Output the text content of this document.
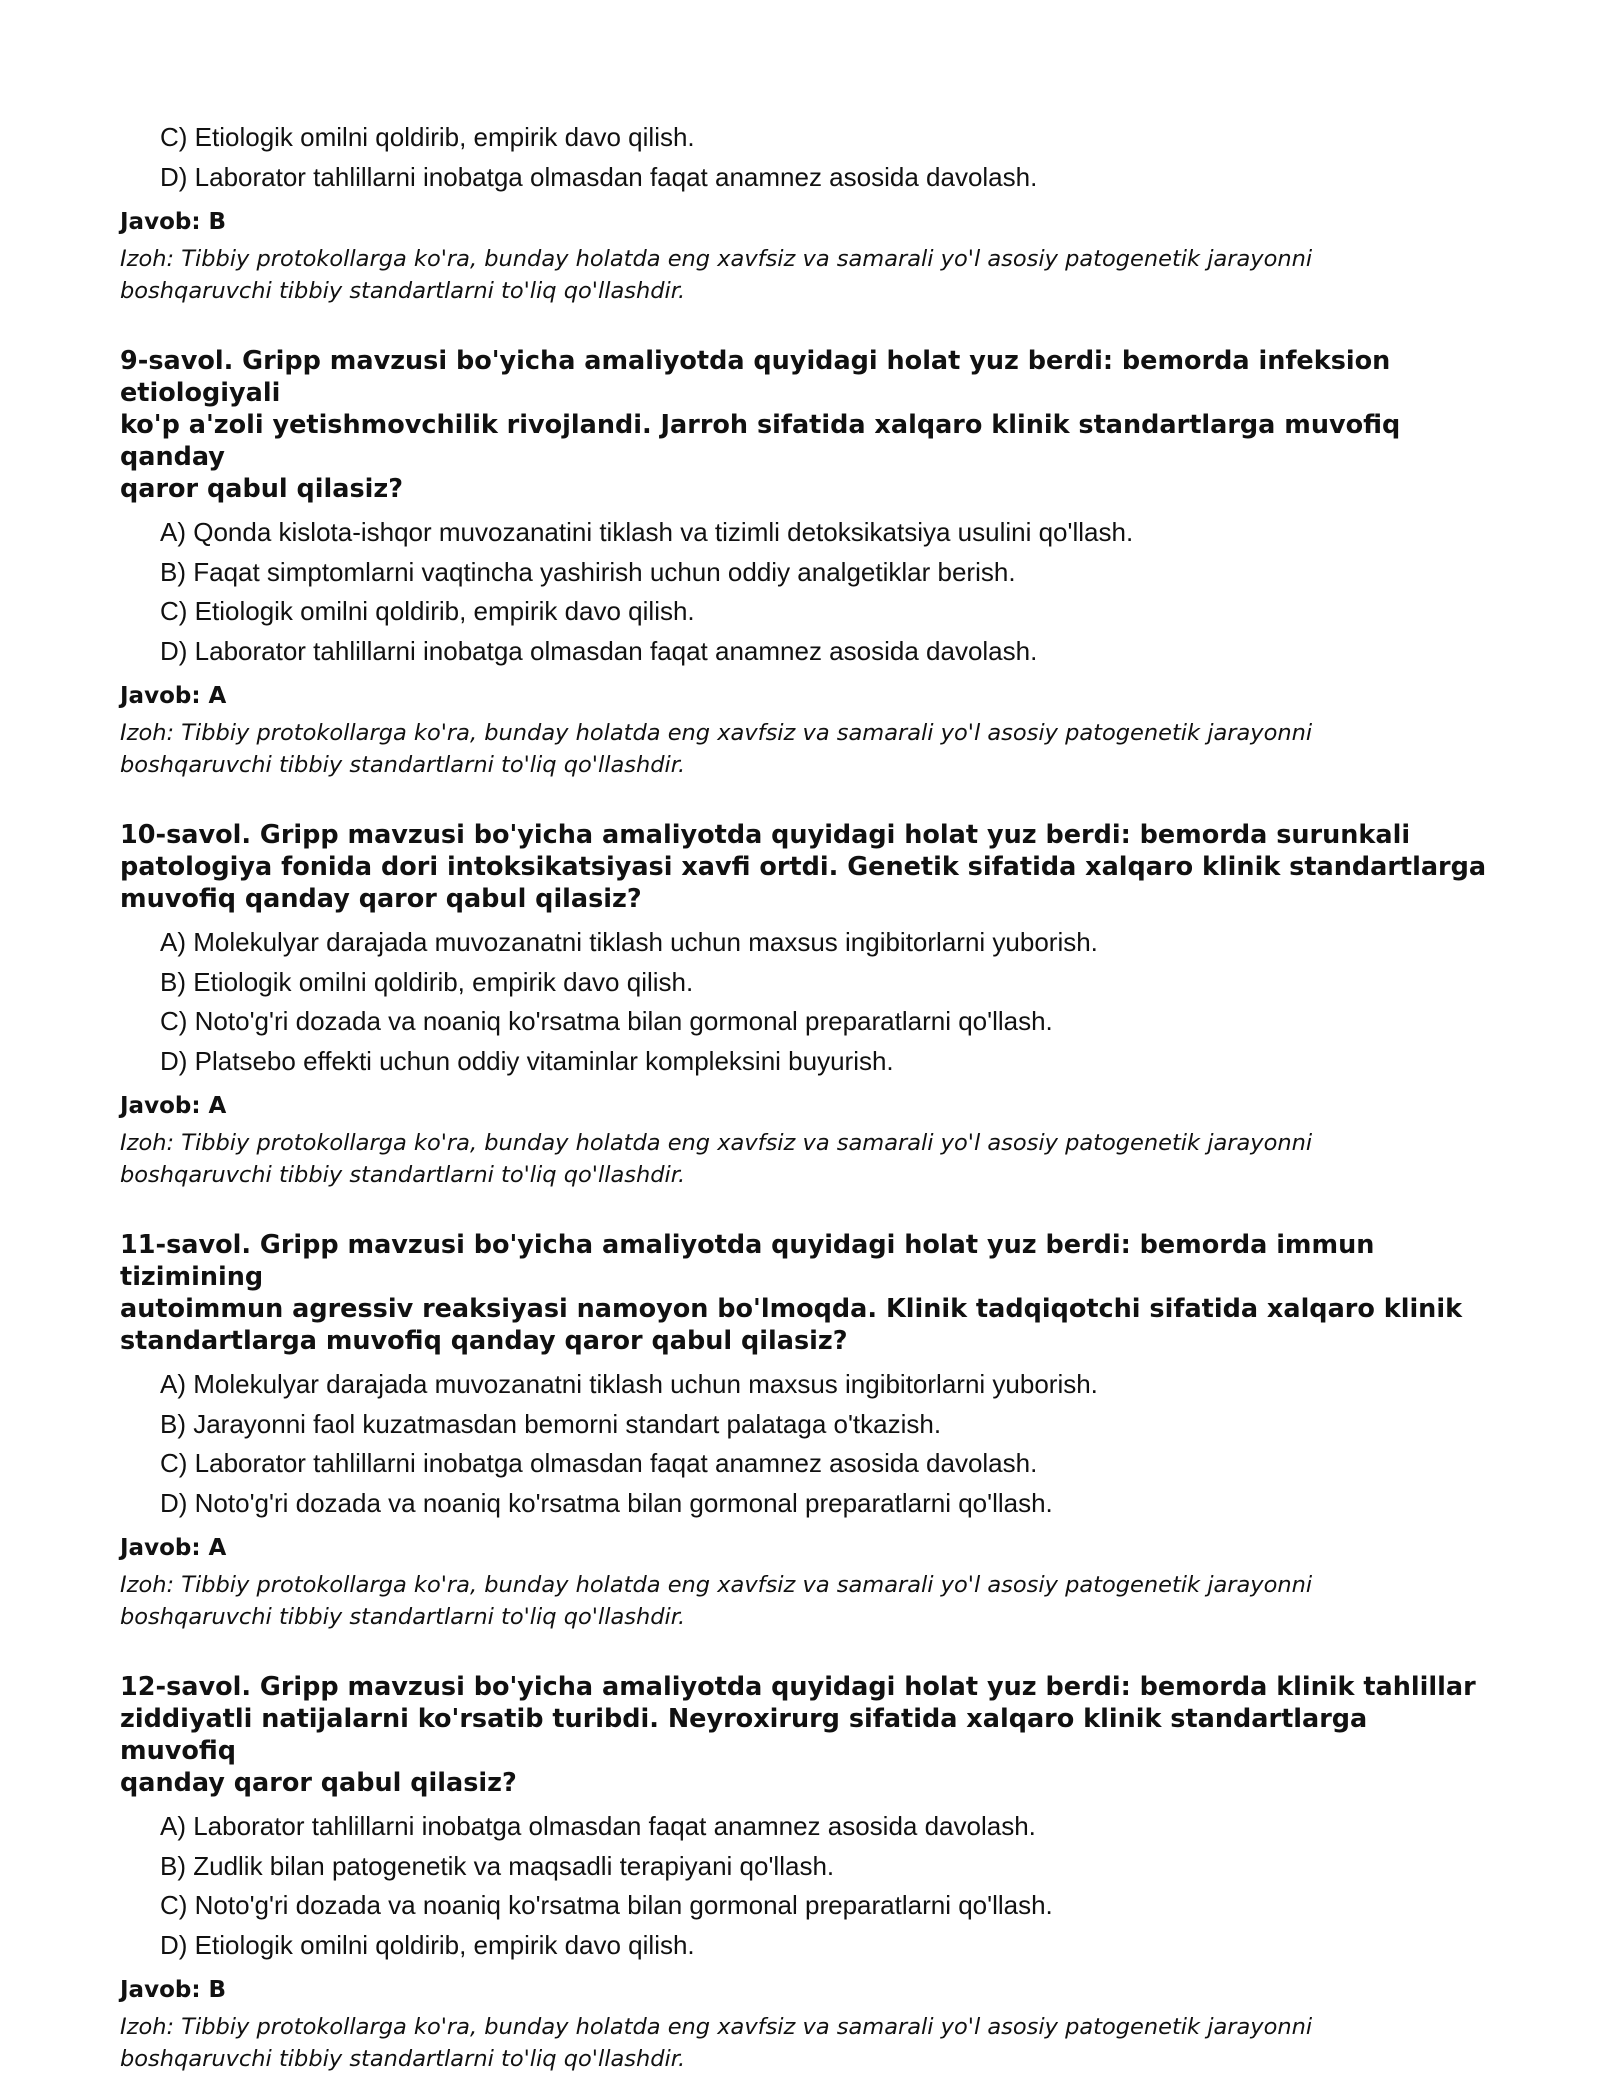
C) Etiologik omilni qoldirib, empirik davo qilish.
D) Laborator tahlillarni inobatga olmasdan faqat anamnez asosida davolash.
Javob: B
Izoh: Tibbiy protokollarga ko'ra, bunday holatda eng xavfsiz va samarali yo'l asosiy patogenetik jarayonni
boshqaruvchi tibbiy standartlarni to'liq qo'llashdir.
9-savol. Gripp mavzusi bo'yicha amaliyotda quyidagi holat yuz berdi: bemorda infeksion etiologiyali
ko'p a'zoli yetishmovchilik rivojlandi. Jarroh sifatida xalqaro klinik standartlarga muvofiq qanday
qaror qabul qilasiz?
A) Qonda kislota-ishqor muvozanatini tiklash va tizimli detoksikatsiya usulini qo'llash.
B) Faqat simptomlarni vaqtincha yashirish uchun oddiy analgetiklar berish.
C) Etiologik omilni qoldirib, empirik davo qilish.
D) Laborator tahlillarni inobatga olmasdan faqat anamnez asosida davolash.
Javob: A
Izoh: Tibbiy protokollarga ko'ra, bunday holatda eng xavfsiz va samarali yo'l asosiy patogenetik jarayonni
boshqaruvchi tibbiy standartlarni to'liq qo'llashdir.
10-savol. Gripp mavzusi bo'yicha amaliyotda quyidagi holat yuz berdi: bemorda surunkali
patologiya fonida dori intoksikatsiyasi xavfi ortdi. Genetik sifatida xalqaro klinik standartlarga
muvofiq qanday qaror qabul qilasiz?
A) Molekulyar darajada muvozanatni tiklash uchun maxsus ingibitorlarni yuborish.
B) Etiologik omilni qoldirib, empirik davo qilish.
C) Noto'g'ri dozada va noaniq ko'rsatma bilan gormonal preparatlarni qo'llash.
D) Platsebo effekti uchun oddiy vitaminlar kompleksini buyurish.
Javob: A
Izoh: Tibbiy protokollarga ko'ra, bunday holatda eng xavfsiz va samarali yo'l asosiy patogenetik jarayonni
boshqaruvchi tibbiy standartlarni to'liq qo'llashdir.
11-savol. Gripp mavzusi bo'yicha amaliyotda quyidagi holat yuz berdi: bemorda immun tizimining
autoimmun agressiv reaksiyasi namoyon bo'lmoqda. Klinik tadqiqotchi sifatida xalqaro klinik
standartlarga muvofiq qanday qaror qabul qilasiz?
A) Molekulyar darajada muvozanatni tiklash uchun maxsus ingibitorlarni yuborish.
B) Jarayonni faol kuzatmasdan bemorni standart palataga o'tkazish.
C) Laborator tahlillarni inobatga olmasdan faqat anamnez asosida davolash.
D) Noto'g'ri dozada va noaniq ko'rsatma bilan gormonal preparatlarni qo'llash.
Javob: A
Izoh: Tibbiy protokollarga ko'ra, bunday holatda eng xavfsiz va samarali yo'l asosiy patogenetik jarayonni
boshqaruvchi tibbiy standartlarni to'liq qo'llashdir.
12-savol. Gripp mavzusi bo'yicha amaliyotda quyidagi holat yuz berdi: bemorda klinik tahlillar
ziddiyatli natijalarni ko'rsatib turibdi. Neyroxirurg sifatida xalqaro klinik standartlarga muvofiq
qanday qaror qabul qilasiz?
A) Laborator tahlillarni inobatga olmasdan faqat anamnez asosida davolash.
B) Zudlik bilan patogenetik va maqsadli terapiyani qo'llash.
C) Noto'g'ri dozada va noaniq ko'rsatma bilan gormonal preparatlarni qo'llash.
D) Etiologik omilni qoldirib, empirik davo qilish.
Javob: B
Izoh: Tibbiy protokollarga ko'ra, bunday holatda eng xavfsiz va samarali yo'l asosiy patogenetik jarayonni
boshqaruvchi tibbiy standartlarni to'liq qo'llashdir.
